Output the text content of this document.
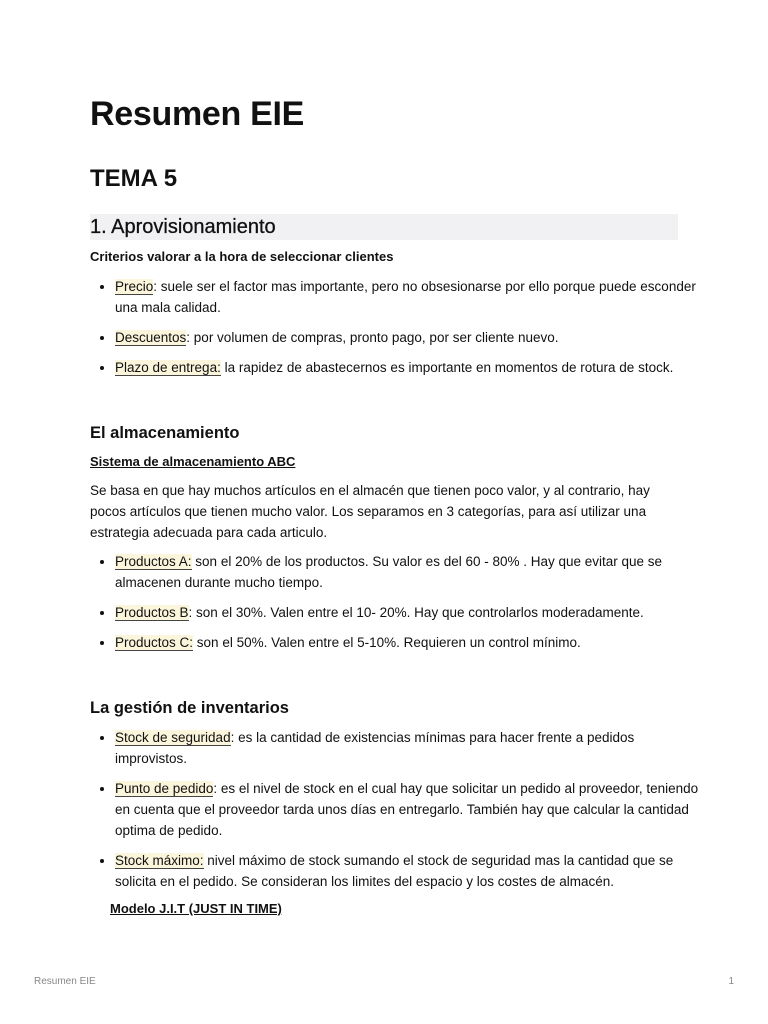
Resumen EIE
TEMA 5
1. Aprovisionamiento
Criterios valorar a la hora de seleccionar clientes
Precio: suele ser el factor mas importante, pero no obsesionarse por ello porque puede esconder una mala calidad.
Descuentos: por volumen de compras, pronto pago, por ser cliente nuevo.
Plazo de entrega: la rapidez de abastecernos es importante en momentos de rotura de stock.
El almacenamiento
Sistema de almacenamiento ABC

Se basa en que hay muchos artículos en el almacén que tienen poco valor, y al contrario, hay pocos artículos que tienen mucho valor. Los separamos en 3 categorías, para así utilizar una estrategia adecuada para cada articulo.

Productos A: son el 20% de los productos. Su valor es del 60 - 80% . Hay que evitar que se almacenen durante mucho tiempo.
Productos B: son el 30%. Valen entre el 10- 20%. Hay que controlarlos moderadamente.
Productos C: son el 50%. Valen entre el 5-10%. Requieren un control mínimo.
La gestión de inventarios
Stock de seguridad: es la cantidad de existencias mínimas para hacer frente a pedidos improvistos.
Punto de pedido: es el nivel de stock en el cual hay que solicitar un pedido al proveedor, teniendo en cuenta que el proveedor tarda unos días en entregarlo. También hay que calcular la cantidad optima de pedido.
Stock máximo: nivel máximo de stock sumando el stock de seguridad mas la cantidad que se solicita en el pedido. Se consideran los limites del espacio y los costes de almacén.
Modelo J.I.T (JUST IN TIME)
Resumen EIE	1
